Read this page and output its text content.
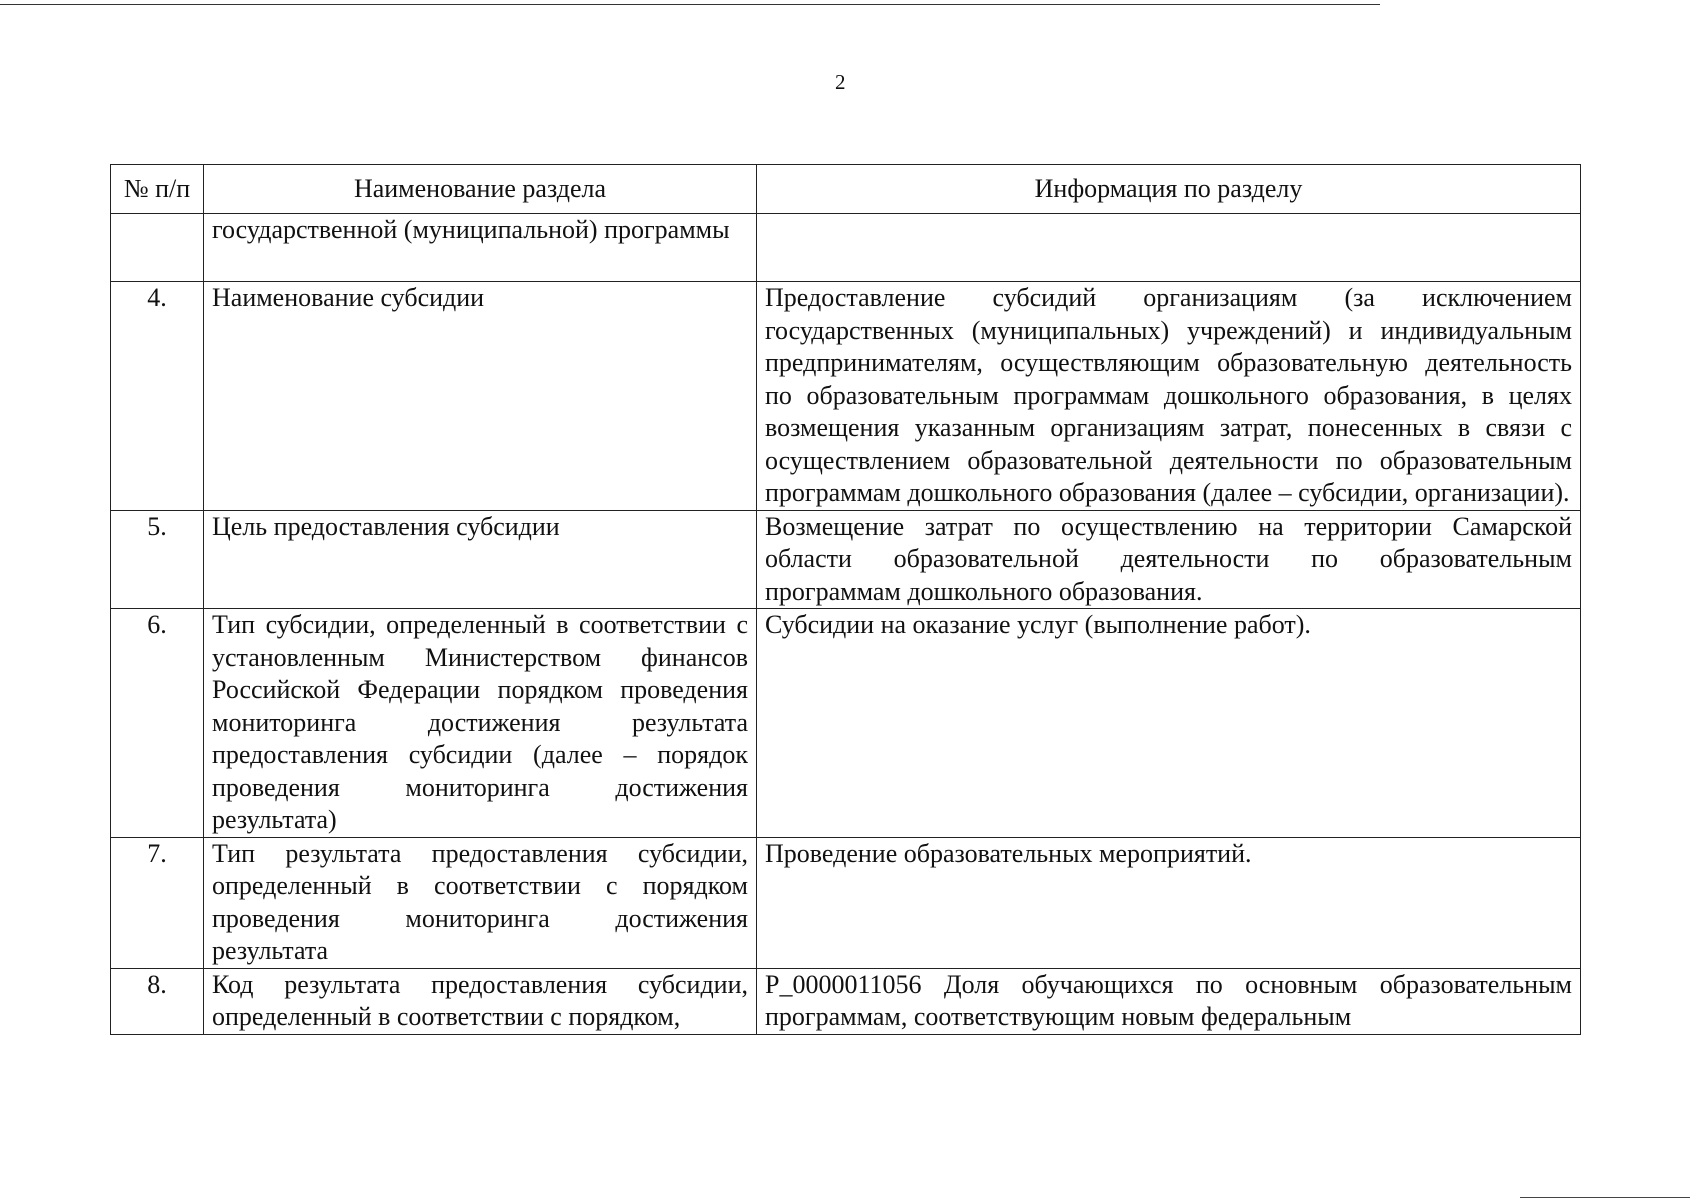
2
№ п/п	Наименование раздела	Информация по разделу
	государственной (муниципальной) программы	
4.	Наименование субсидии	Предоставление субсидий организациям (за исключением государственных (муниципальных) учреждений) и индивидуальным предпринимателям, осуществляющим образовательную деятельность по образовательным программам дошкольного образования, в целях возмещения указанным организациям затрат, понесенных в связи с осуществлением образовательной деятельности по образовательным программам дошкольного образования (далее – субсидии, организации).
5.	Цель предоставления субсидии	Возмещение затрат по осуществлению на территории Самарской области образовательной деятельности по образовательным программам дошкольного образования.
6.	Тип субсидии, определенный в соответствии с установленным Министерством финансов Российской Федерации порядком проведения мониторинга достижения результата предоставления субсидии (далее – порядок проведения мониторинга достижения результата)	Субсидии на оказание услуг (выполнение работ).
7.	Тип результата предоставления субсидии, определенный в соответствии с порядком проведения мониторинга достижения результата	Проведение образовательных мероприятий.
8.	Код результата предоставления субсидии, определенный в соответствии с порядком,	P_0000011056 Доля обучающихся по основным образовательным программам, соответствующим новым федеральным
